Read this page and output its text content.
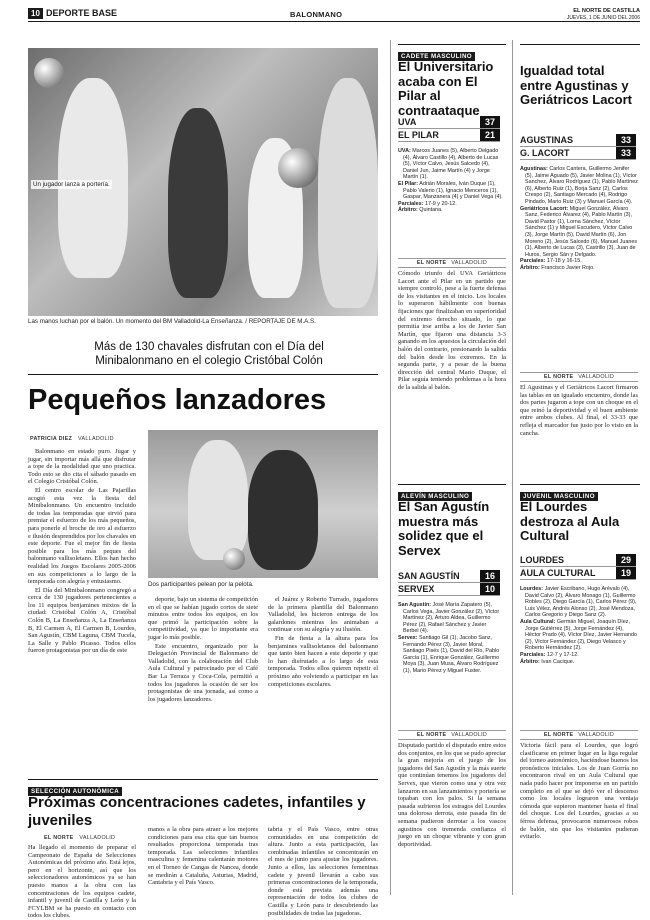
10 DEPORTE BASE	BALONMANO	EL NORTE DE CASTILLA
JUEVES, 1 DE JUNIO DEL 2006
Un jugador lanza a portería.
Las manos luchan por el balón. Un momento del BM Valladolid-La Enseñanza. / REPORTAJE DE M.A.S.
Más de 130 chavales disfrutan con el Día del Minibalonmano en el colegio Cristóbal Colón
Pequeños lanzadores
PATRICIA DIEZ VALLADOLID

Balonmano en estado puro. Jugar y jugar, sin importar más allá que disfrutar a tope de la modalidad que uno practica. Todo esto se dio cita el sábado pasado en el Colegio Cristóbal Colón.

El centro escolar de Las Pajarillas acogió esta vez la fiesta del Minibalonmano. Un encuentro incluido de todas las temporadas que sirvió para premiar el esfuerzo de los más pequeños, para ponerle el broche de oro al esfuerzo e ilusión desprendidos por los chavales en este deporte. Fue el mejor fin de fiesta posible para los más peques del balonmano vallisoletano. Ellos han hecho realidad los Juegos Escolares 2005-2006 en sus competiciones a lo largo de la temporada con alegría y entusiasmo.

El Día del Minibalonmano congregó a cerca de 130 jugadores pertenecientes a los 11 equipos benjamines mixtos de la ciudad: Cristóbal Colón A, Cristóbal Colón B, La Enseñanza A, La Enseñanza B, El Carmen A, El Carmen B, Lourdes, San Agustín, CBM Laguna, CBM Tucela, La Salle y Pablo Picasso. Todos ellos fueron protagonistas por un día de este

Dos participantes pelean por la pelota.

deporte, bajo un sistema de competición en el que se habían jugado cortos de siete minutos entre todos los equipos, en los que primó la participación sobre la competitividad, ya que lo importante era jugar lo más posible.

Este encuentro, organizado por la Delegación Provincial de Balonmano de Valladolid, con la colaboración del Club Aula Cultural y patrocinado por el Café Bar La Terraza y Coca-Cola, permitió a todos los jugadores la ocasión de ser los protagonistas de una jornada, así como a los jugadores lanzadores.

el Juárez y Roberto Turrado, jugadores de la primera plantilla del Balonmano Valladolid, les hicieron entrega de los galardones mientras les animaban a continuar con su alegría y su ilusión.

Fin de fiesta a la altura para los benjamines vallisoletanos del balonmano que tanto bien hacen a este deporte y que lo han disfrutado a lo largo de esta temporada. Todos ellos quieren repetir el próximo año volviendo a participar en las competiciones escolares.

SELECCIÓN AUTONÓMICA
Próximas concentraciones cadetes, infantiles y juveniles
EL NORTE VALLADOLID
Ha llegado el momento de preparar el Campeonato de España de Selecciones Autonómicas del próximo año. Está lejos, pero en el horizonte, así que los seleccionadores autonómicos ya se han puesto manos a la obra con las concentraciones de los equipos cadete, infantil y juvenil de Castilla y León y la FCYLBM se ha puesto en contacto con todos los clubes.
manos a la obra para atraer a los mejores condiciones para esa cita que tan buenos resultados proporciona temporada tras temporada. Las selecciones infantiles masculina y femenina calentarán motores en el Torneo de Cangas de Nancea, donde se medirán a Cataluña, Asturias, Madrid, Cantabria y el País Vasco.
tabria y el País Vasco, entre otras comunidades en una competición de altura. Junto a esta participación, las combinadas infantiles se concentrarán en el mes de junio para ajustar los jugadores. Junto a ellos, las selecciones femeninas cadete y juvenil llevarán a cabo sus primeras concentraciones de la temporada, donde está prevista además una representación de todos los clubes de Castilla y León para ir descubriendo las posibilidades de todas las jugadoras.
CADETE MASCULINO
El Universitario acaba con El Pilar al contraataque
UVA	37
EL PILAR	21
UVA: Marcos Juanes (5), Alberto Delgado (4), Álvaro Castillo (4), Alberto de Lucas (5), Víctor Calvo, Jesús Salcedo (4), Daniel Jun, Jaime Martín (4) y Jorge Martín (1).
El Pilar: Adrián Morales, Iván Duque (1), Pablo Valerio (1), Ignacio Menceros (1), Gaspar, Manzanera (4) y Daniel Vega (4).
Parciales: 17-9 y 20-12.
Árbitro: Quintana.
EL NORTE VALLADOLID
Cómodo triunfo del UVA Geriátricos Lacort ante el Pilar en un partido que siempre controló, pese a la fuerte defensa de los visitantes en el inicio. Los locales lo superaron hábilmente con buenas fijaciones que finalizaban en superioridad del extremo derecho situado, lo que permitía irse arriba a los de Javier San Martín, que fijaron una distancia 3-3 ganando en los apuestos la circulación del balón del contrario, presionando la salida del balón desde los extremos. En la segunda parte, y a pesar de la buena dirección del central Mario Duque, el Pilar seguía teniendo problemas a la hora de la salida al balón.
Igualdad total entre Agustinas y Geriátricos Lacort
AGUSTINAS	33
G. LACORT	33
Agustinas: Carlos Cantera, Guillermo Jenifer (5), Jaime Aguado (5), Javier Molina (1), Víctor Sanchez, Álvaro Rodríguez (1), Pablo Martínez (6), Alberto Ruiz (1), Borja Sanz (2), Carlos Crespo (2), Santiago Mercado (4), Rodrigo Pindado, Mario Ruiz (3) y Manuel García (4).
Geriátricos Lacort: Miguel González, Álvaro Sanz, Federico Álvarez (4), Pablo Martín (3), David Pastor (1), Lorna Sánchez, Víctor Sánchez (1) y Miguel Escudero, Víctor Calvo (3), Jorge Martín (5), David Martín (6), Jon Moreno (2), Jesús Salcedo (6), Manuel Juanes (1), Alberto de Lucas (3), Castrillo (3), Juan de Huros, Sergio Sán y Delgado.
Parciales: 17-18 y 16-15.
Árbitro: Francisco Javier Rojo.
EL NORTE VALLADOLID
El Agustinas y el Geriátricos Lacort firmaron las tablas en un igualado encuentro, donde las dos partes jugaron a tope con un choque en el que reinó la deportividad y el buen ambiente entre ambos clubes. Al final, el 33-33 que refleja el marcador fue justo por lo visto en la cancha.
ALEVÍN MASCULINO
El San Agustín muestra más solidez que el Servex
SAN AGUSTÍN	16
SERVEX	10
San Agustín: José María Zapatero (5), Carlos Vega, Javier González (2), Víctor Martínez (2), Arturo Aldea, Guillermo Pérez (2), Rafael Sánchez y Javier Berbel (4).
Servex: Santiago Gil (1), Jacobo Sanz, Fernando Pérez (3), Javier Moral, Santiago Pisés (1), David del Río, Pablo García (1), Enrique González, Guillermo Moya (3), Juan Musa, Álvaro Rodríguez (1), Mario Pérez y Miguel Fuster.
EL NORTE VALLADOLID
Disputado partido el disputado entre estos dos conjuntos, en los que se pudo apreciar la gran mejoría en el juego de los jugadores del San Agustín y la más suerte que continúan tenemos los jugadores del Servex, que vieron como una y otra vez lanzaron en sus lanzamientos y portería se topaban con los palos. Si la semana pasada sufrieron los estragos del Lourdes una dolorosa derrota, este pasada fin de semana pudieron derrotar a los vascos agustinos con tremenda confianza el juego en un choque vibrante y con gran deportividad.
JUVENIL MASCULINO
El Lourdes destroza al Aula Cultural
LOURDES	29
AULA CULTURAL	19
Lourdes: Javier Escribano, Hugo Arévalo (4), David Calvo (2), Álvaro Monago (1), Guillermo Robles (2), Diego García (1), Carlos Pérez (9), Luis Vélez, Andrés Alonso (2), José Mendoza, Carlos Gregorio y Diego Sanz (2).
Aula Cultural: Germán Miguel, Joaquín Díez, Jorge Gutiérrez (5), Jorge Fernández (4), Héctor Prado (4), Víctor Díez, Javier Hernando (2), Víctor Fernández (2), Diego Velasco y Roberto Hernández (2).
Parciales: 12-7 y 17-12.
Árbitro: Ivan Cacique.
EL NORTE VALLADOLID
Victoria fácil para el Lourdes, que logró clasificarse en primer lugar en la liga regular del torneo autonómico, haciéndose buenos los pronósticos iniciales. Los de Juan Gorría no encontraron rival en un Aula Cultural que nada pudo hacer por imponerse en un partido completo en el que se dejó ver el descenso como los locales lograron una ventaja cómoda que supieron mantener hasta el final del choque. Los del Lourdes, gracias a su férrea defensa, provocaron numerosos robos de balón, sin que los visitantes pudieran evitarlo.
